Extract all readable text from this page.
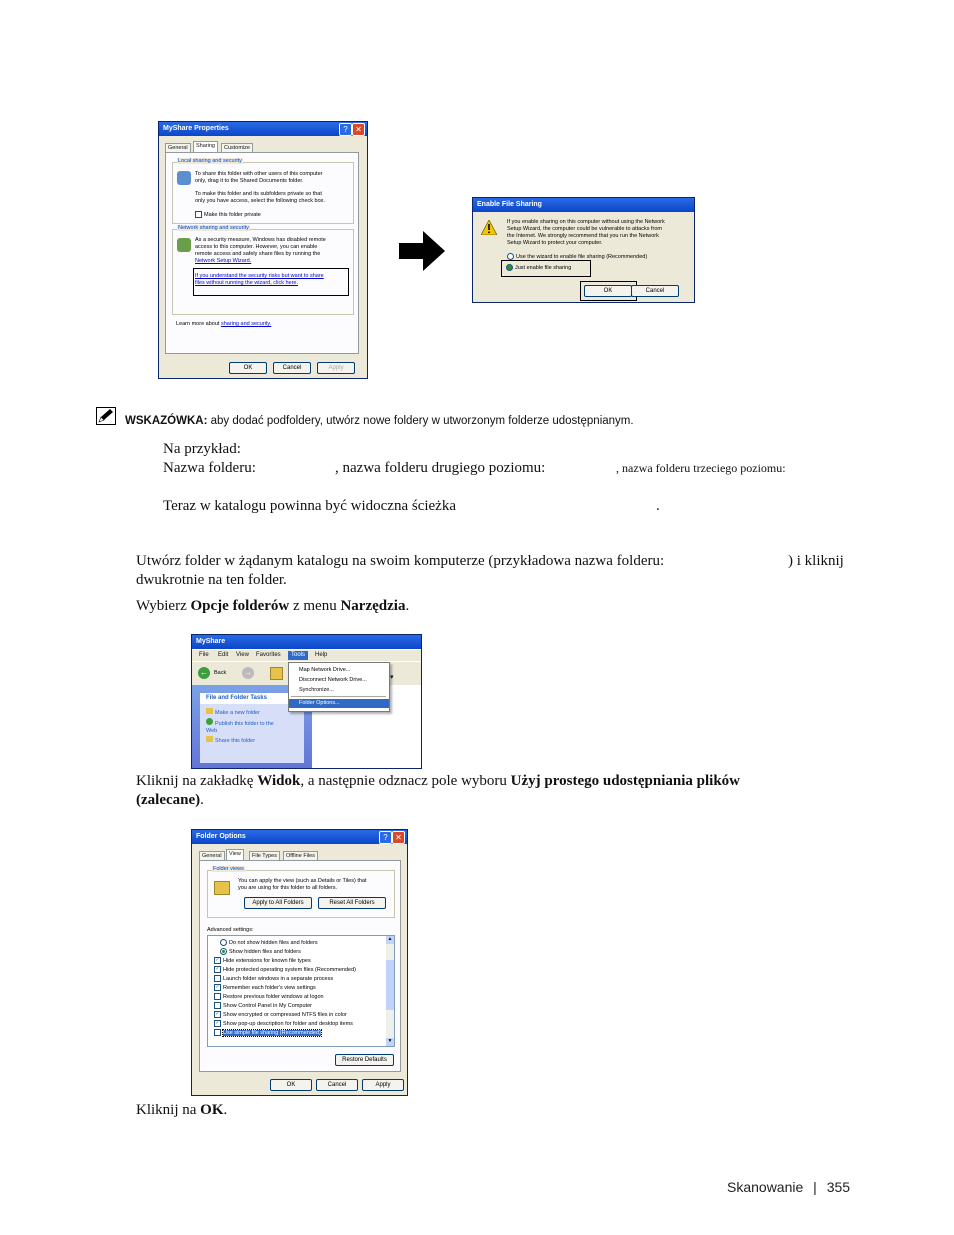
MyShare Properties	? ✕
General	Sharing	Customize
Local sharing and security
To share this folder with other users of this computer
only, drag it to the Shared Documents folder.
To make this folder and its subfolders private so that
only you have access, select the following check box.
Make this folder private
Network sharing and security
As a security measure, Windows has disabled remote
access to this computer. However, you can enable
remote access and safely share files by running the
Network Setup Wizard.
If you understand the security risks but want to share
files without running the wizard, click here.
Learn more about sharing and security.
OK	Cancel	Apply
Enable File Sharing
If you enable sharing on this computer without using the Network
Setup Wizard, the computer could be vulnerable to attacks from
the Internet. We strongly recommend that you run the Network
Setup Wizard to protect your computer.
Use the wizard to enable file sharing (Recommended)
Just enable file sharing
OK	Cancel
WSKAZÓWKA: aby dodać podfoldery, utwórz nowe foldery w utworzonym folderze udostępnianym.
Na przykład:
Nazwa folderu:	, nazwa folderu drugiego poziomu:	, nazwa folderu trzeciego poziomu:
Teraz w katalogu powinna być widoczna ścieżka	.
Utwórz folder w żądanym katalogu na swoim komputerze (przykładowa nazwa folderu:	) i kliknij
dwukrotnie na ten folder.
Wybierz Opcje folderów z menu Narzędzia.
MyShare
File Edit View Favorites	Tools	Help
←	Back →
File and Folder Tasks
Make a new folder
Publish this folder to the Web
Share this folder
Map Network Drive...
Disconnect Network Drive...
Synchronize...
Folder Options...
▾
Kliknij na zakładkę Widok, a następnie odznacz pole wyboru Użyj prostego udostępniania plików
(zalecane).
Folder Options	? ✕
General	View	File Types	Offline Files
Folder views
You can apply the view (such as Details or Tiles) that
you are using for this folder to all folders.
Apply to All Folders	Reset All Folders
Advanced settings:
Do not show hidden files and folders
Show hidden files and folders
✓ Hide extensions for known file types
✓ Hide protected operating system files (Recommended)
Launch folder windows in a separate process
✓ Remember each folder's view settings
Restore previous folder windows at logon
Show Control Panel in My Computer
✓ Show encrypted or compressed NTFS files in color
✓ Show pop-up description for folder and desktop items
Use simple file sharing (Recommended)
▲
▼
Restore Defaults
OK	Cancel	Apply
Kliknij na OK.
Skanowanie | 355
